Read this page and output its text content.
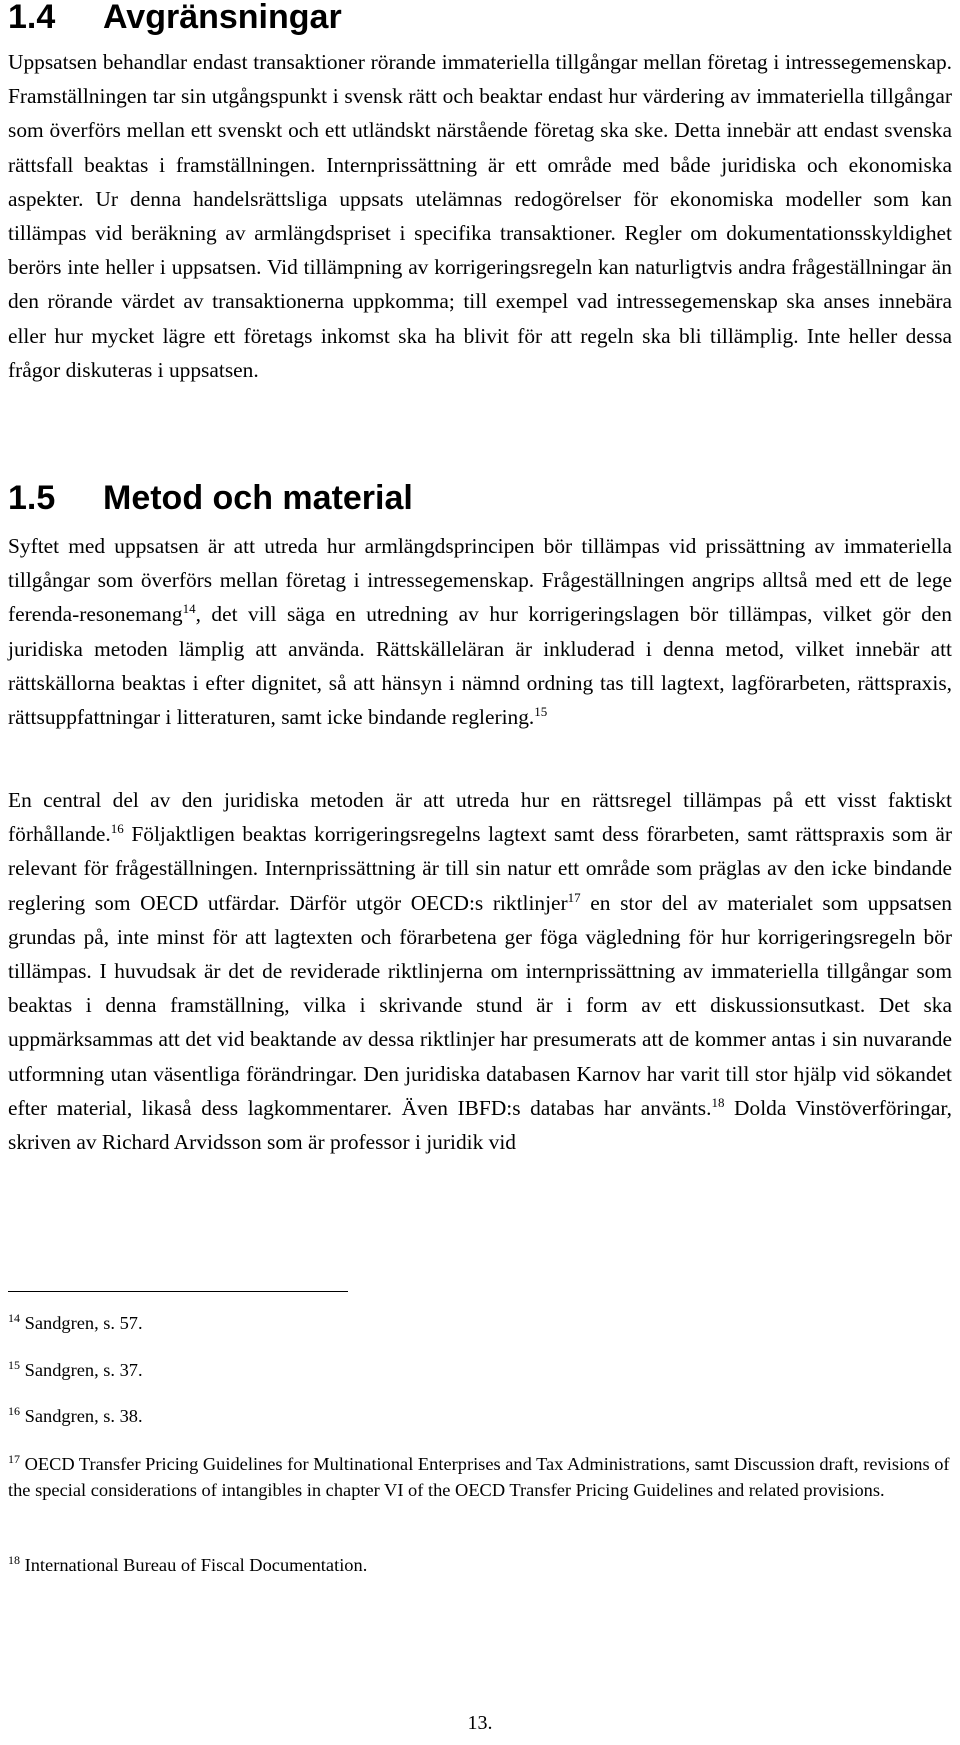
1.4 Avgränsningar

Uppsatsen behandlar endast transaktioner rörande immateriella tillgångar mellan företag i intressegemenskap. Framställningen tar sin utgångspunkt i svensk rätt och beaktar endast hur värdering av immateriella tillgångar som överförs mellan ett svenskt och ett utländskt närstående företag ska ske. Detta innebär att endast svenska rättsfall beaktas i framställningen. Internprissättning är ett område med både juridiska och ekonomiska aspekter. Ur denna handelsrättsliga uppsats utelämnas redogörelser för ekonomiska modeller som kan tillämpas vid beräkning av armlängdspriset i specifika transaktioner. Regler om dokumentationsskyldighet berörs inte heller i uppsatsen. Vid tillämpning av korrigeringsregeln kan naturligtvis andra frågeställningar än den rörande värdet av transaktionerna uppkomma; till exempel vad intressegemenskap ska anses innebära eller hur mycket lägre ett företags inkomst ska ha blivit för att regeln ska bli tillämplig. Inte heller dessa frågor diskuteras i uppsatsen.

1.5 Metod och material

Syftet med uppsatsen är att utreda hur armlängdsprincipen bör tillämpas vid prissättning av immateriella tillgångar som överförs mellan företag i intressegemenskap. Frågeställningen angrips alltså med ett de lege ferenda-resonemang$^{14}$, det vill säga en utredning av hur korrigeringslagen bör tillämpas, vilket gör den juridiska metoden lämplig att använda. Rättskälleläran är inkluderad i denna metod, vilket innebär att rättskällorna beaktas i efter dignitet, så att hänsyn i nämnd ordning tas till lagtext, lagförarbeten, rättspraxis, rättsuppfattningar i litteraturen, samt icke bindande reglering.$^{15}$

En central del av den juridiska metoden är att utreda hur en rättsregel tillämpas på ett visst faktiskt förhållande.$^{16}$ Följaktligen beaktas korrigeringsregelns lagtext samt dess förarbeten, samt rättspraxis som är relevant för frågeställningen. Internprissättning är till sin natur ett område som präglas av den icke bindande reglering som OECD utfärdar. Därför utgör OECD:s riktlinjer$^{17}$ en stor del av materialet som uppsatsen grundas på, inte minst för att lagtexten och förarbetena ger föga vägledning för hur korrigeringsregeln bör tillämpas. I huvudsak är det de reviderade riktlinjerna om internprissättning av immateriella tillgångar som beaktas i denna framställning, vilka i skrivande stund är i form av ett diskussionsutkast. Det ska uppmärksammas att det vid beaktande av dessa riktlinjer har presumerats att de kommer antas i sin nuvarande utformning utan väsentliga förändringar. Den juridiska databasen Karnov har varit till stor hjälp vid sökandet efter material, likaså dess lagkommentarer. Även IBFD:s databas har använts.$^{18}$ Dolda Vinstöverföringar, skriven av Richard Arvidsson som är professor i juridik vid

$^{14}$ Sandgren, s. 57.

$^{15}$ Sandgren, s. 37.

$^{16}$ Sandgren, s. 38.

$^{17}$ OECD Transfer Pricing Guidelines for Multinational Enterprises and Tax Administrations, samt Discussion draft, revisions of the special considerations of intangibles in chapter VI of the OECD Transfer Pricing Guidelines and related provisions.

$^{18}$ International Bureau of Fiscal Documentation.

13.
